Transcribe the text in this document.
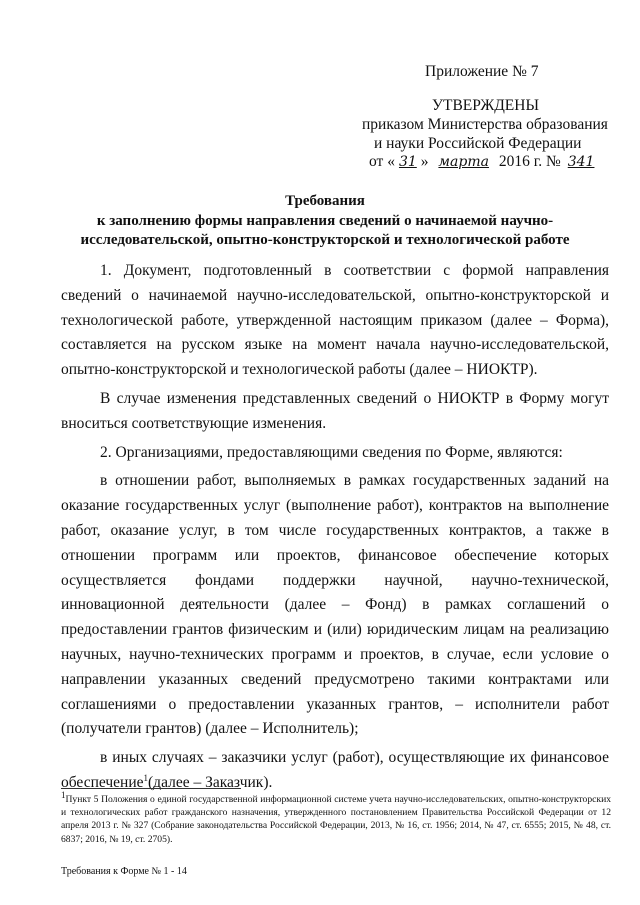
Приложение № 7
УТВЕРЖДЕНЫ
приказом Министерства образования
и науки Российской Федерации
от « 31 » марта 2016 г. № 341
Требования
к заполнению формы направления сведений о начинаемой научно-
исследовательской, опытно-конструкторской и технологической работе

1. Документ, подготовленный в соответствии с формой направления сведений о начинаемой научно-исследовательской, опытно-конструкторской и технологической работе, утвержденной настоящим приказом (далее – Форма), составляется на русском языке на момент начала научно-исследовательской, опытно-конструкторской и технологической работы (далее – НИОКТР).

В случае изменения представленных сведений о НИОКТР в Форму могут вноситься соответствующие изменения.

2. Организациями, предоставляющими сведения по Форме, являются:

в отношении работ, выполняемых в рамках государственных заданий на оказание государственных услуг (выполнение работ), контрактов на выполнение работ, оказание услуг, в том числе государственных контрактов, а также в отношении программ или проектов, финансовое обеспечение которых осуществляется фондами поддержки научной, научно-технической, инновационной деятельности (далее – Фонд) в рамках соглашений о предоставлении грантов физическим и (или) юридическим лицам на реализацию научных, научно-технических программ и проектов, в случае, если условие о направлении указанных сведений предусмотрено такими контрактами или соглашениями о предоставлении указанных грантов, – исполнители работ (получатели грантов) (далее – Исполнитель);

в иных случаях – заказчики услуг (работ), осуществляющие их финансовое обеспечение$^1$(далее – Заказчик).

1Пункт 5 Положения о единой государственной информационной системе учета научно-исследовательских, опытно-конструкторских и технологических работ гражданского назначения, утвержденного постановлением Правительства Российской Федерации от 12 апреля 2013 г. № 327 (Собрание законодательства Российской Федерации, 2013, № 16, ст. 1956; 2014, № 47, ст. 6555; 2015, № 48, ст. 6837; 2016, № 19, ст. 2705).
Требования к Форме № 1 - 14
